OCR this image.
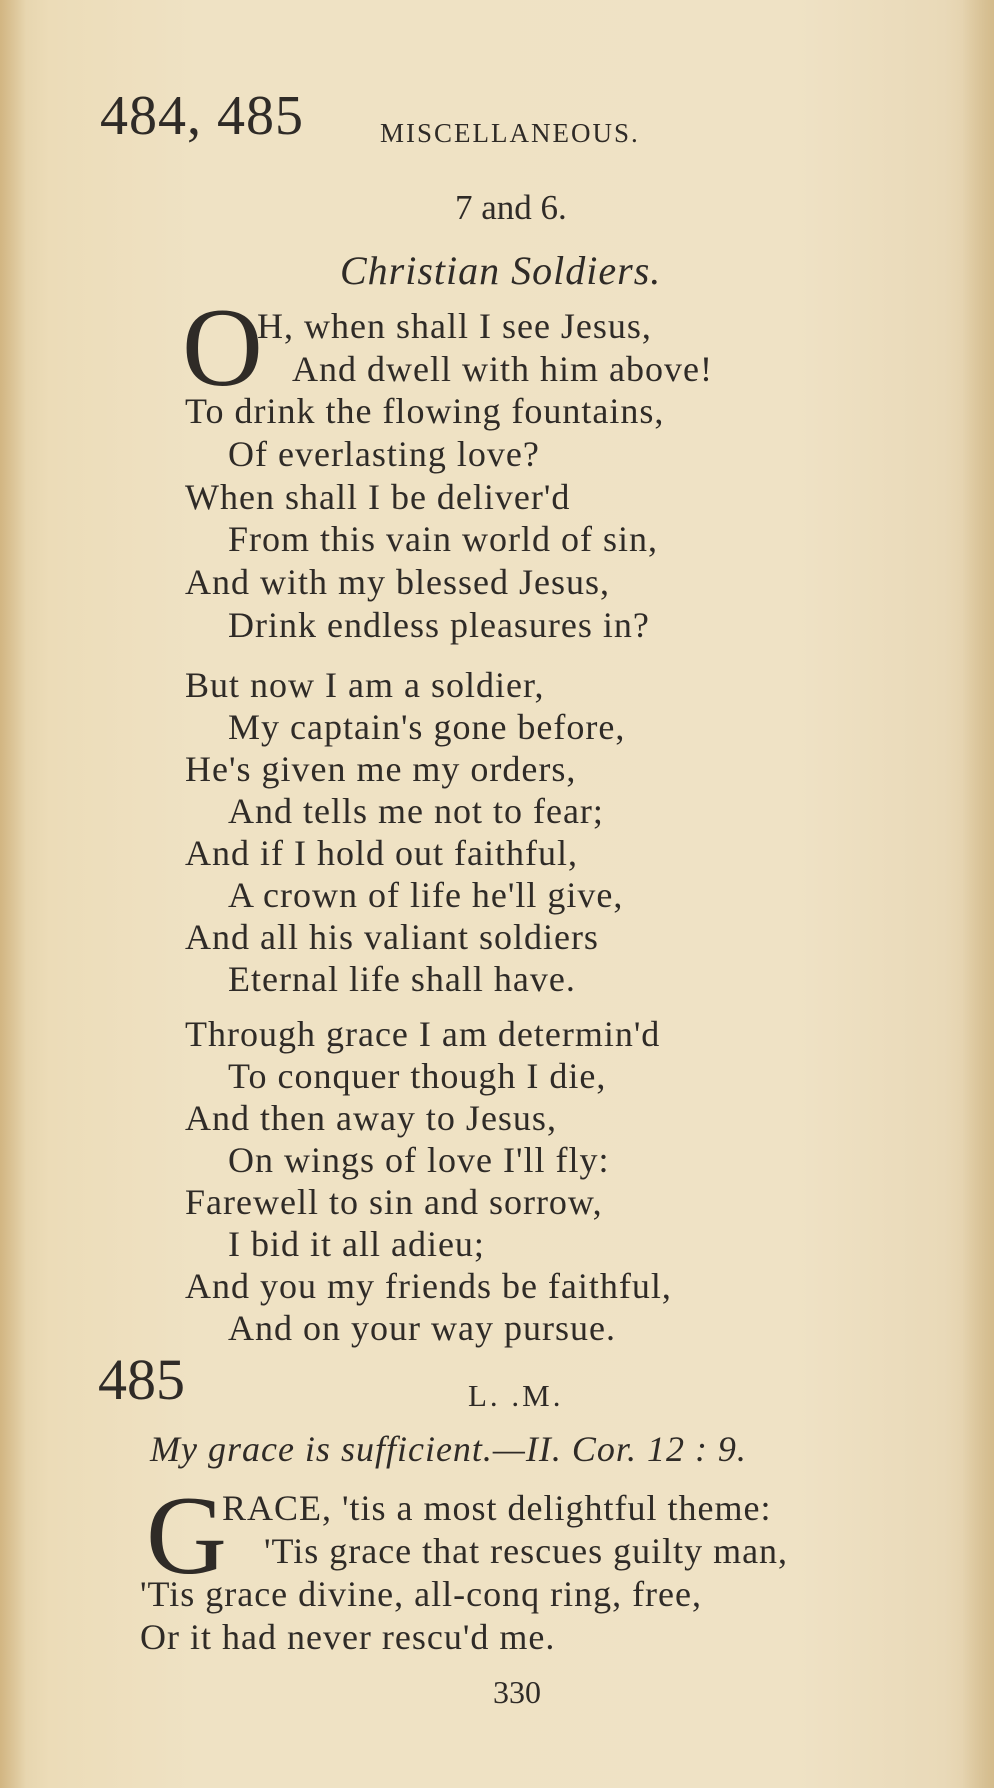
484, 485	MISCELLANEOUS.
7 and 6.
Christian Soldiers.
O
H, when shall I see Jesus,
And dwell with him above!
To drink the flowing fountains,
Of everlasting love?
When shall I be deliver'd
From this vain world of sin,
And with my blessed Jesus,
Drink endless pleasures in?
But now I am a soldier,
My captain's gone before,
He's given me my orders,
And tells me not to fear;
And if I hold out faithful,
A crown of life he'll give,
And all his valiant soldiers
Eternal life shall have.
Through grace I am determin'd
To conquer though I die,
And then away to Jesus,
On wings of love I'll fly:
Farewell to sin and sorrow,
I bid it all adieu;
And you my friends be faithful,
And on your way pursue.
485	L. .M.
My grace is sufficient.—II. Cor. 12 : 9.
G
RACE, 'tis a most delightful theme:
'Tis grace that rescues guilty man,
'Tis grace divine, all-conq ring, free,
Or it had never rescu'd me.
330
